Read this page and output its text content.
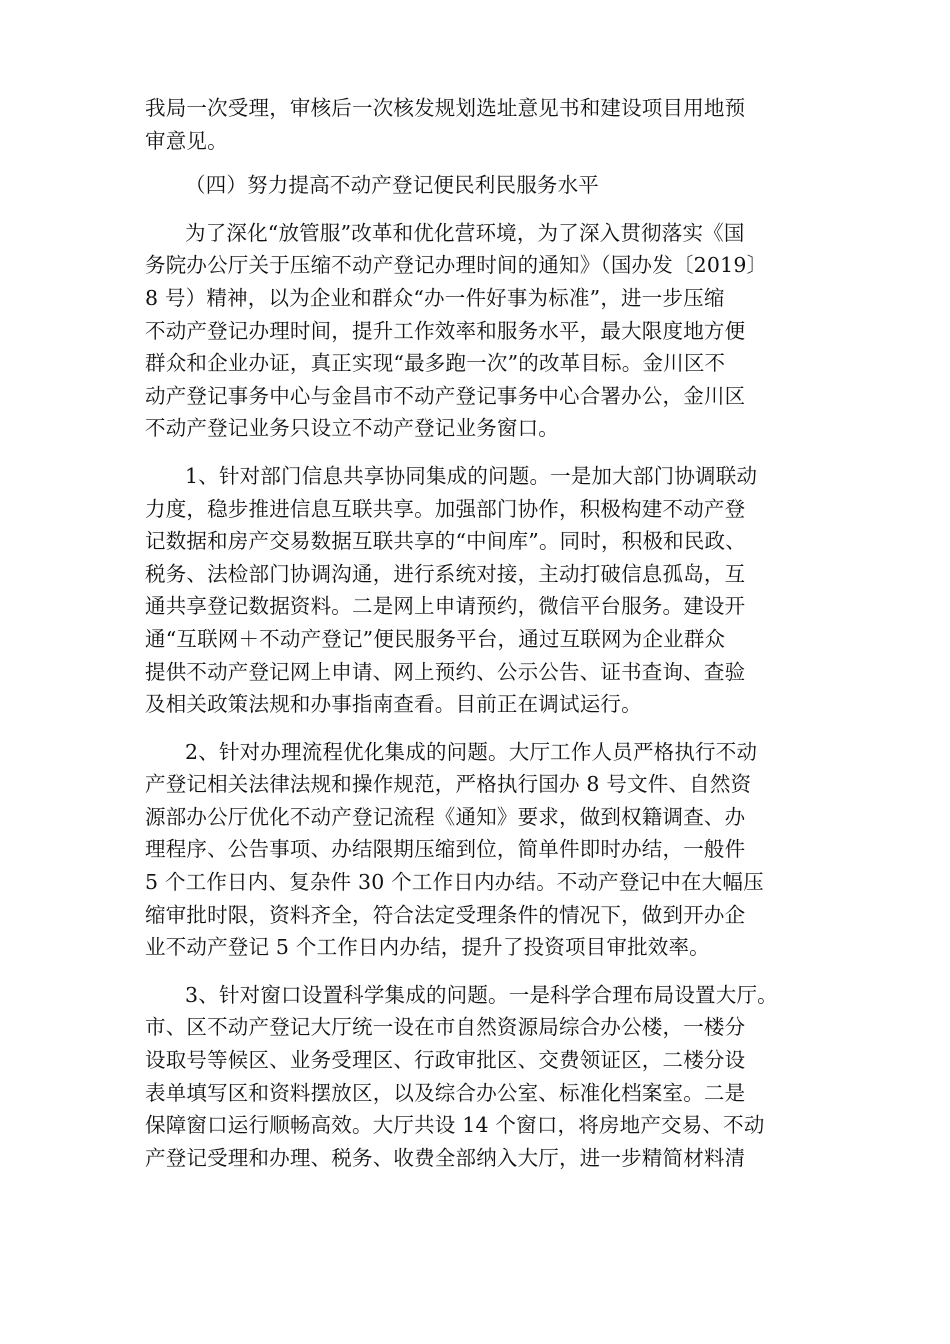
我局一次受理，审核后一次核发规划选址意见书和建设项目用地预
审意见。
（四）努力提高不动产登记便民利民服务水平
为了深化“放管服”改革和优化营环境，为了深入贯彻落实《国
务院办公厅关于压缩不动产登记办理时间的通知》（国办发〔2019〕
8 号）精神，以为企业和群众“办一件好事为标准”，进一步压缩
不动产登记办理时间，提升工作效率和服务水平，最大限度地方便
群众和企业办证，真正实现“最多跑一次”的改革目标。金川区不
动产登记事务中心与金昌市不动产登记事务中心合署办公，金川区
不动产登记业务只设立不动产登记业务窗口。
1、针对部门信息共享协同集成的问题。一是加大部门协调联动
力度，稳步推进信息互联共享。加强部门协作，积极构建不动产登
记数据和房产交易数据互联共享的“中间库”。同时，积极和民政、
税务、法检部门协调沟通，进行系统对接，主动打破信息孤岛，互
通共享登记数据资料。二是网上申请预约，微信平台服务。建设开
通“互联网＋不动产登记”便民服务平台，通过互联网为企业群众
提供不动产登记网上申请、网上预约、公示公告、证书查询、查验
及相关政策法规和办事指南查看。目前正在调试运行。
2、针对办理流程优化集成的问题。大厅工作人员严格执行不动
产登记相关法律法规和操作规范，严格执行国办 8 号文件、自然资
源部办公厅优化不动产登记流程《通知》要求，做到权籍调查、办
理程序、公告事项、办结限期压缩到位，简单件即时办结，一般件
5 个工作日内、复杂件 30 个工作日内办结。不动产登记中在大幅压
缩审批时限，资料齐全，符合法定受理条件的情况下，做到开办企
业不动产登记 5 个工作日内办结，提升了投资项目审批效率。
3、针对窗口设置科学集成的问题。一是科学合理布局设置大厅。
市、区不动产登记大厅统一设在市自然资源局综合办公楼，一楼分
设取号等候区、业务受理区、行政审批区、交费领证区，二楼分设
表单填写区和资料摆放区，以及综合办公室、标准化档案室。二是
保障窗口运行顺畅高效。大厅共设 14 个窗口，将房地产交易、不动
产登记受理和办理、税务、收费全部纳入大厅，进一步精简材料清
